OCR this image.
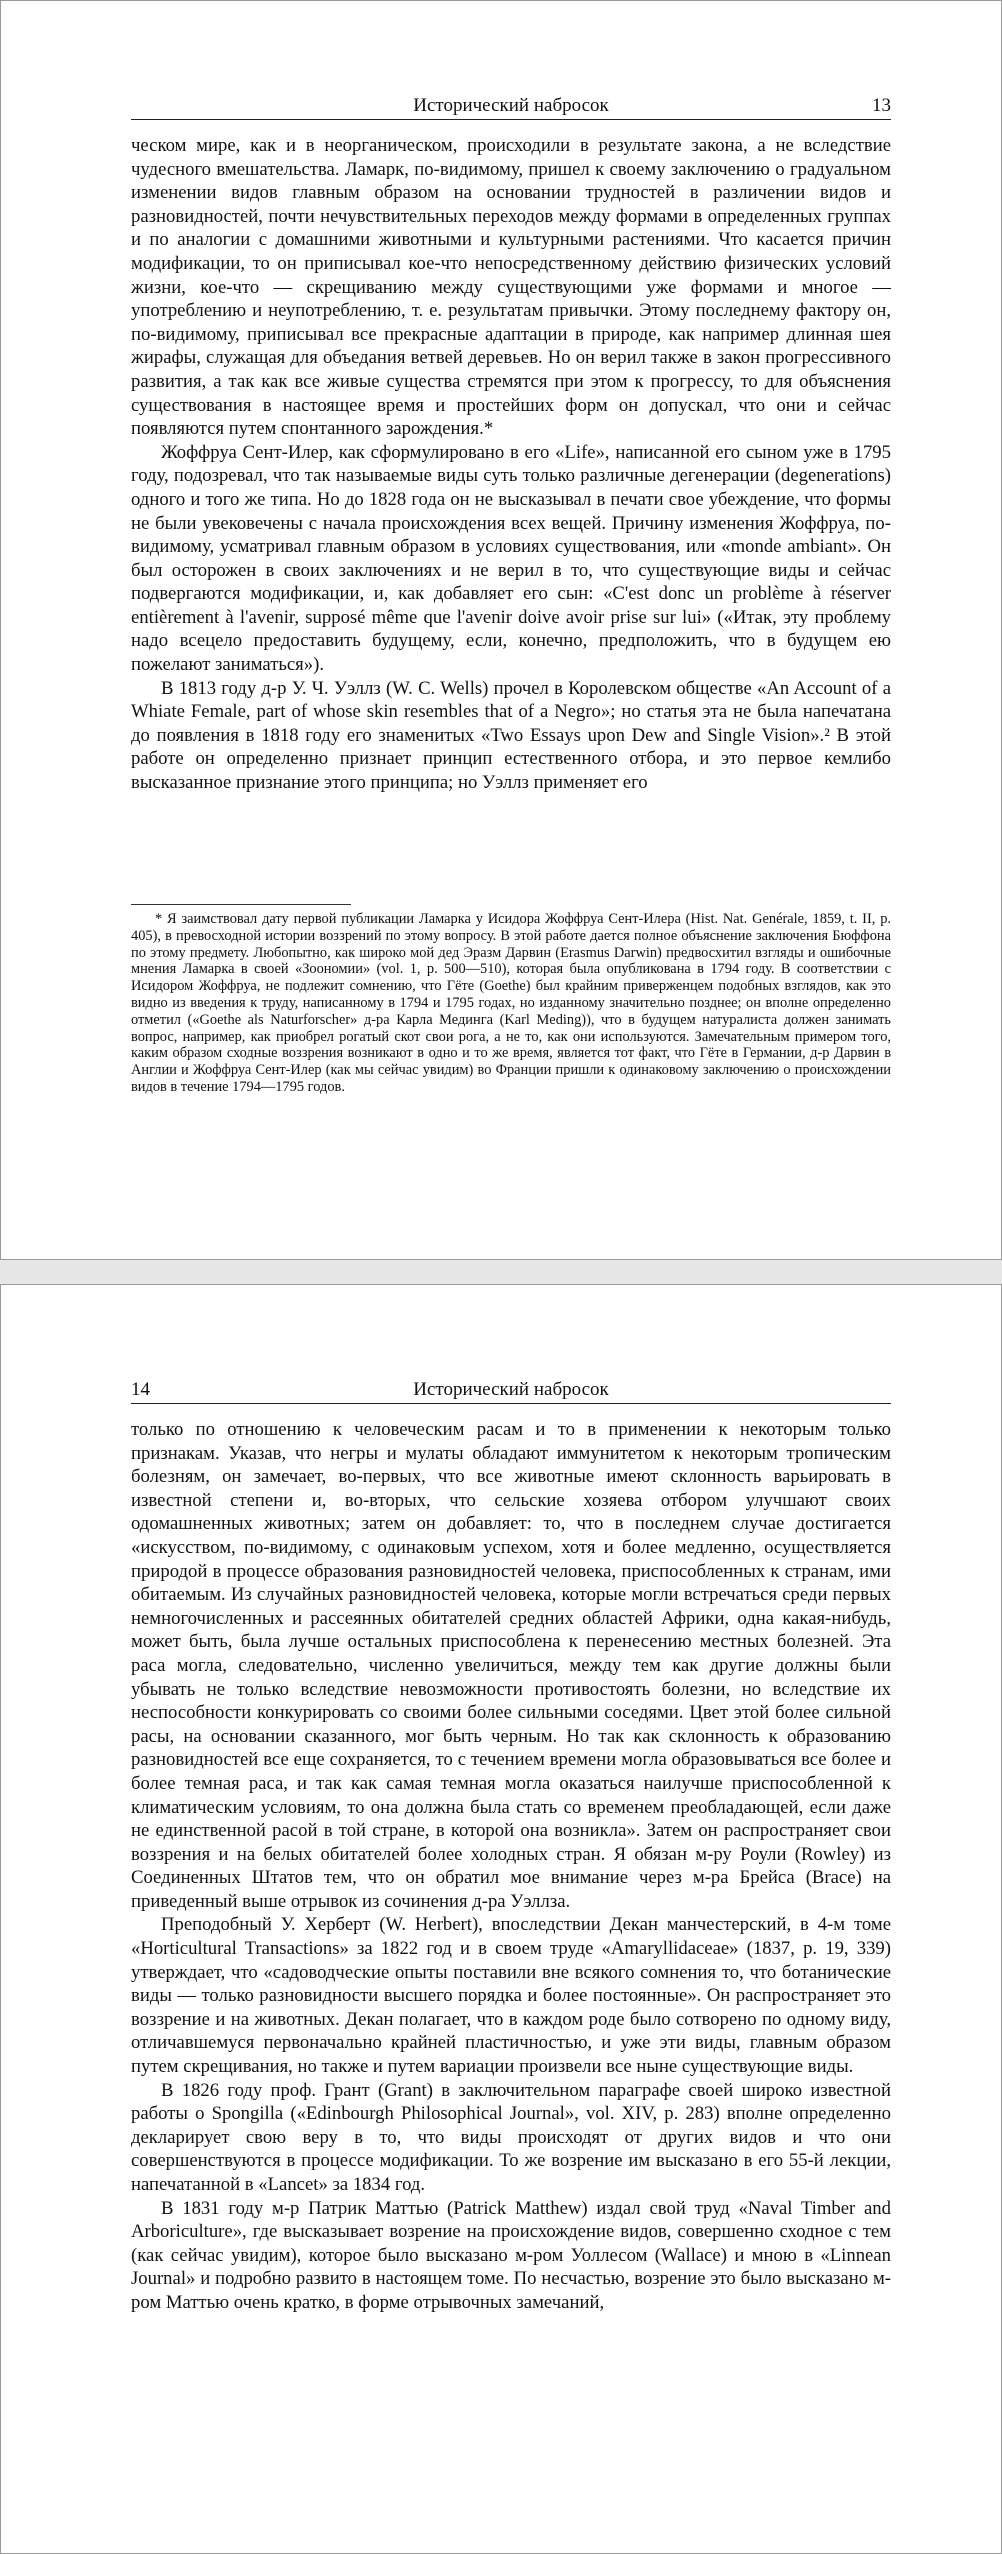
Исторический набросок	13

ческом мире, как и в неорганическом, происходили в результате закона, а не вследствие чудесного вмешательства. Ламарк, по-видимому, пришел к своему заключению о градуальном изменении видов главным образом на основании трудностей в различении видов и разновидностей, почти нечувствительных переходов между формами в определенных группах и по аналогии с домашними животными и культурными растениями. Что касается причин модификации, то он приписывал кое-что непосредственному действию физических условий жизни, кое-что — скрещиванию между существующими уже формами и многое — употреблению и неупотреблению, т. е. результатам привычки. Этому последнему фактору он, по-видимому, приписывал все прекрасные адаптации в природе, как например длинная шея жирафы, служащая для объедания ветвей деревьев. Но он верил также в закон прогрессивного развития, а так как все живые существа стремятся при этом к прогрессу, то для объяснения существования в настоящее время и простейших форм он допускал, что они и сейчас появляются путем спонтанного зарождения.*

Жоффруа Сент-Илер, как сформулировано в его «Life», написанной его сыном уже в 1795 году, подозревал, что так называемые виды суть только различные дегенерации (degenerations) одного и того же типа. Но до 1828 года он не высказывал в печати свое убеждение, что формы не были увековечены с начала происхождения всех вещей. Причину изменения Жоффруа, по-видимому, усматривал главным образом в условиях существования, или «monde ambiant». Он был осторожен в своих заключениях и не верил в то, что существующие виды и сейчас подвергаются модификации, и, как добавляет его сын: «C'est donc un problème à réserver entièrement à l'avenir, supposé même que l'avenir doive avoir prise sur lui» («Итак, эту проблему надо всецело предоставить будущему, если, конечно, предположить, что в будущем ею пожелают заниматься»).

В 1813 году д-р У. Ч. Уэллз (W. C. Wells) прочел в Королевском обществе «An Account of a Whiate Female, part of whose skin resembles that of a Negro»; но статья эта не была напечатана до появления в 1818 году его знаменитых «Two Essays upon Dew and Single Vision».² В этой работе он определенно признает принцип естественного отбора, и это первое кемлибо высказанное признание этого принципа; но Уэллз применяет его

* Я заимствовал дату первой публикации Ламарка у Исидора Жоффруа Сент-Илера (Hist. Nat. Genérale, 1859, t. II, p. 405), в превосходной истории воззрений по этому вопросу. В этой работе дается полное объяснение заключения Бюффона по этому предмету. Любопытно, как широко мой дед Эразм Дарвин (Erasmus Darwin) предвосхитил взгляды и ошибочные мнения Ламарка в своей «Зоономии» (vol. 1, p. 500—510), которая была опубликована в 1794 году. В соответствии с Исидором Жоффруа, не подлежит сомнению, что Гёте (Goethe) был крайним приверженцем подобных взглядов, как это видно из введения к труду, написанному в 1794 и 1795 годах, но изданному значительно позднее; он вполне определенно отметил («Goethe als Naturforscher» д-ра Карла Мединга (Karl Meding)), что в будущем натуралиста должен занимать вопрос, например, как приобрел рогатый скот свои рога, а не то, как они используются. Замечательным примером того, каким образом сходные воззрения возникают в одно и то же время, является тот факт, что Гёте в Германии, д-р Дарвин в Англии и Жоффруа Сент-Илер (как мы сейчас увидим) во Франции пришли к одинаковому заключению о происхождении видов в течение 1794—1795 годов.

14	Исторический набросок

только по отношению к человеческим расам и то в применении к некоторым только признакам. Указав, что негры и мулаты обладают иммунитетом к некоторым тропическим болезням, он замечает, во-первых, что все животные имеют склонность варьировать в известной степени и, во-вторых, что сельские хозяева отбором улучшают своих одомашненных животных; затем он добавляет: то, что в последнем случае достигается «искусством, по-видимому, с одинаковым успехом, хотя и более медленно, осуществляется природой в процессе образования разновидностей человека, приспособленных к странам, ими обитаемым. Из случайных разновидностей человека, которые могли встречаться среди первых немногочисленных и рассеянных обитателей средних областей Африки, одна какая-нибудь, может быть, была лучше остальных приспособлена к перенесению местных болезней. Эта раса могла, следовательно, численно увеличиться, между тем как другие должны были убывать не только вследствие невозможности противостоять болезни, но вследствие их неспособности конкурировать со своими более сильными соседями. Цвет этой более сильной расы, на основании сказанного, мог быть черным. Но так как склонность к образованию разновидностей все еще сохраняется, то с течением времени могла образовываться все более и более темная раса, и так как самая темная могла оказаться наилучше приспособленной к климатическим условиям, то она должна была стать со временем преобладающей, если даже не единственной расой в той стране, в которой она возникла». Затем он распространяет свои воззрения и на белых обитателей более холодных стран. Я обязан м-ру Роули (Rowley) из Соединенных Штатов тем, что он обратил мое внимание через м-ра Брейса (Brace) на приведенный выше отрывок из сочинения д-ра Уэллза.

Преподобный У. Херберт (W. Herbert), впоследствии Декан манчестерский, в 4-м томе «Horticultural Transactions» за 1822 год и в своем труде «Amaryllidaceae» (1837, p. 19, 339) утверждает, что «садоводческие опыты поставили вне всякого сомнения то, что ботанические виды — только разновидности высшего порядка и более постоянные». Он распространяет это воззрение и на животных. Декан полагает, что в каждом роде было сотворено по одному виду, отличавшемуся первоначально крайней пластичностью, и уже эти виды, главным образом путем скрещивания, но также и путем вариации произвели все ныне существующие виды.

В 1826 году проф. Грант (Grant) в заключительном параграфе своей широко известной работы о Spongilla («Edinbourgh Philosophical Journal», vol. XIV, p. 283) вполне определенно декларирует свою веру в то, что виды происходят от других видов и что они совершенствуются в процессе модификации. То же возрение им высказано в его 55-й лекции, напечатанной в «Lancet» за 1834 год.

В 1831 году м-р Патрик Маттью (Patrick Matthew) издал свой труд «Naval Timber and Arboriculture», где высказывает возрение на происхождение видов, совершенно сходное с тем (как сейчас увидим), которое было высказано м-ром Уоллесом (Wallace) и мною в «Linnean Journal» и подробно развито в настоящем томе. По несчастью, возрение это было высказано м-ром Маттью очень кратко, в форме отрывочных замечаний,
